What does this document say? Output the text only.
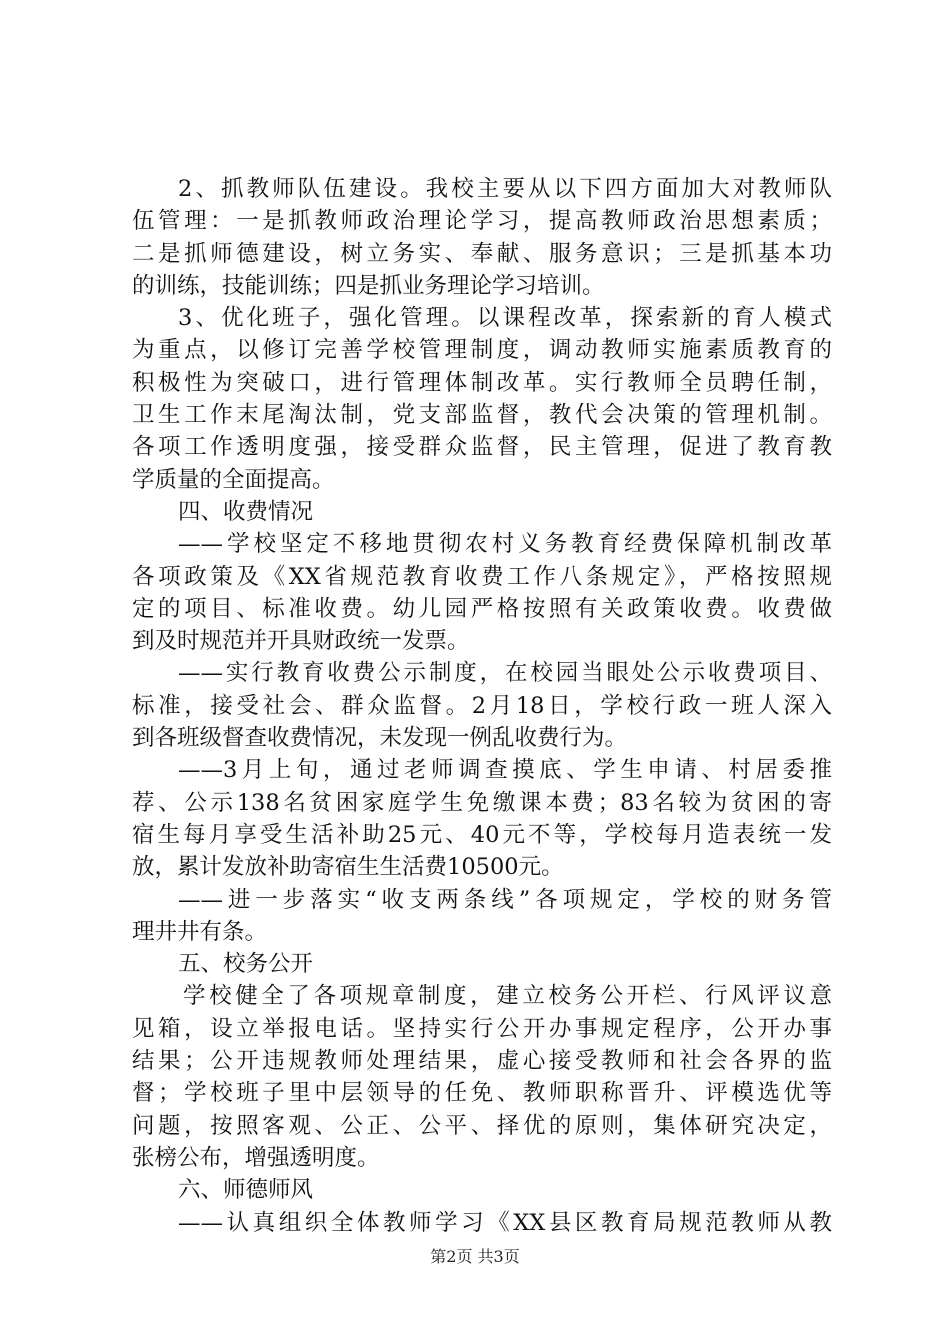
2、抓教师队伍建设。我校主要从以下四方面加大对教师队
伍管理：一是抓教师政治理论学习，提高教师政治思想素质；
二是抓师德建设，树立务实、奉献、服务意识；三是抓基本功
的训练，技能训练；四是抓业务理论学习培训。
3、优化班子，强化管理。以课程改革，探索新的育人模式
为重点，以修订完善学校管理制度，调动教师实施素质教育的
积极性为突破口，进行管理体制改革。实行教师全员聘任制，
卫生工作末尾淘汰制，党支部监督，教代会决策的管理机制。
各项工作透明度强，接受群众监督，民主管理，促进了教育教
学质量的全面提高。
四、收费情况
——学校坚定不移地贯彻农村义务教育经费保障机制改革
各项政策及《XX省规范教育收费工作八条规定》，严格按照规
定的项目、标准收费。幼儿园严格按照有关政策收费。收费做
到及时规范并开具财政统一发票。
——实行教育收费公示制度，在校园当眼处公示收费项目、
标准，接受社会、群众监督。2月18日，学校行政一班人深入
到各班级督查收费情况，未发现一例乱收费行为。
——3月上旬，通过老师调查摸底、学生申请、村居委推
荐、公示138名贫困家庭学生免缴课本费；83名较为贫困的寄
宿生每月享受生活补助25元、40元不等，学校每月造表统一发
放，累计发放补助寄宿生生活费10500元。
——进一步落实“收支两条线”各项规定，学校的财务管
理井井有条。
五、校务公开
学校健全了各项规章制度，建立校务公开栏、行风评议意
见箱，设立举报电话。坚持实行公开办事规定程序，公开办事
结果；公开违规教师处理结果，虚心接受教师和社会各界的监
督；学校班子里中层领导的任免、教师职称晋升、评模选优等
问题，按照客观、公正、公平、择优的原则，集体研究决定，
张榜公布，增强透明度。
六、师德师风
——认真组织全体教师学习《XX县区教育局规范教师从教
第2页 共3页
